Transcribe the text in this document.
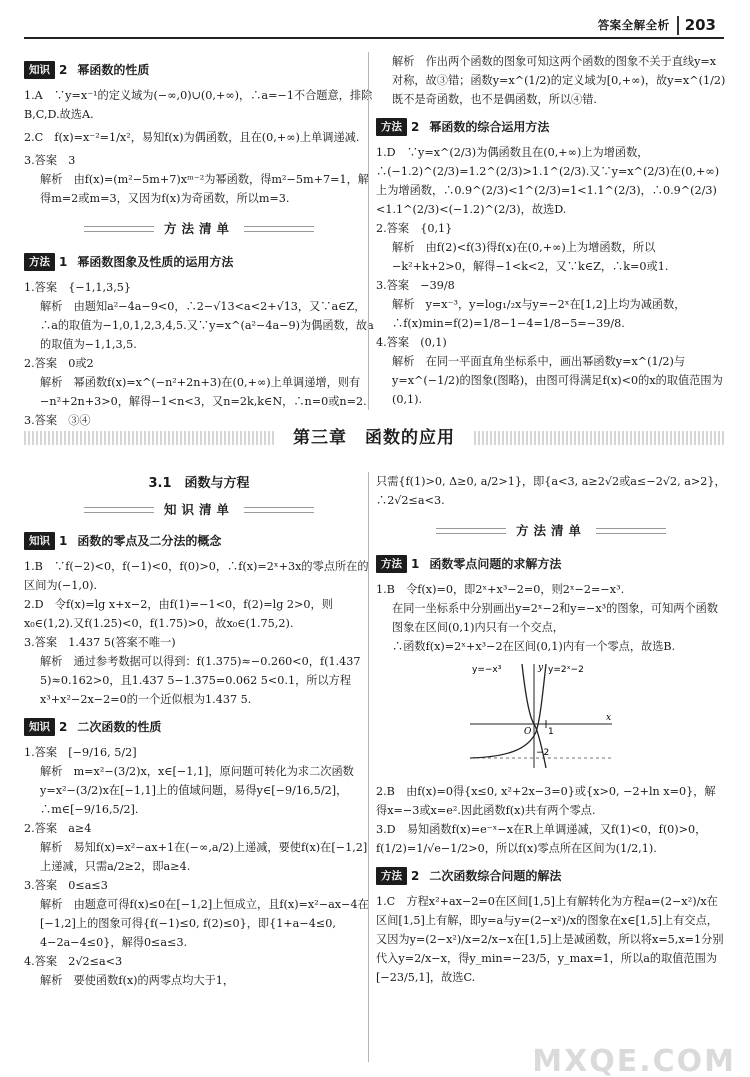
答案全解全析	203
知识 2 幂函数的性质
1.A　∵y=x⁻¹的定义域为(−∞,0)∪(0,+∞)，∴a=−1不合题意，排除B,C,D.故选A.
2.C　f(x)=x⁻²=1/x²，易知f(x)为偶函数，且在(0,+∞)上单调递减.
3.答案　3
解析　由f(x)=(m²−5m+7)xᵐ⁻²为幂函数，得m²−5m+7=1，解得m=2或m=3，又因为f(x)为奇函数，所以m=3.
方法清单
方法 1 幂函数图象及性质的运用方法
1.答案　{−1,1,3,5}
解析　由题知a²−4a−9<0，∴2−√13<a<2+√13，又∵a∈Z，∴a的取值为−1,0,1,2,3,4,5.又∵y=x^(a²−4a−9)为偶函数，故a的取值为−1,1,3,5.
2.答案　0或2
解析　幂函数f(x)=x^(−n²+2n+3)在(0,+∞)上单调递增，则有−n²+2n+3>0，解得−1<n<3，又n=2k,k∈N，∴n=0或n=2.
3.答案　③④
解析　作出两个函数的图象可知这两个函数的图象不关于直线y=x对称，故③错；函数y=x^(1/2)的定义域为[0,+∞)，故y=x^(1/2)既不是奇函数，也不是偶函数，所以④错.
方法 2 幂函数的综合运用方法
1.D　∵y=x^(2/3)为偶函数且在(0,+∞)上为增函数，∴(−1.2)^(2/3)=1.2^(2/3)>1.1^(2/3).又∵y=x^(2/3)在(0,+∞)上为增函数，∴0.9^(2/3)<1^(2/3)=1<1.1^(2/3)，∴0.9^(2/3)<1.1^(2/3)<(−1.2)^(2/3)，故选D.
2.答案　{0,1}
解析　由f(2)<f(3)得f(x)在(0,+∞)上为增函数，所以−k²+k+2>0，解得−1<k<2，又∵k∈Z，∴k=0或1.
3.答案　−39/8
解析　y=x⁻³，y=log₁/₂x与y=−2ˣ在[1,2]上均为减函数，∴f(x)min=f(2)=1/8−1−4=1/8−5=−39/8.
4.答案　(0,1)
解析　在同一平面直角坐标系中，画出幂函数y=x^(1/2)与y=x^(−1/2)的图象(图略)，由图可得满足f(x)<0的x的取值范围为(0,1).
第三章　函数的应用
3.1　函数与方程
知识清单
知识 1 函数的零点及二分法的概念
1.B　∵f(−2)<0，f(−1)<0，f(0)>0，∴f(x)=2ˣ+3x的零点所在的区间为(−1,0).
2.D　令f(x)=lg x+x−2，由f(1)=−1<0，f(2)=lg 2>0，则x₀∈(1,2).又f(1.25)<0，f(1.75)>0，故x₀∈(1.75,2).
3.答案　1.437 5(答案不唯一)
解析　通过参考数据可以得到：f(1.375)≈−0.260<0，f(1.437 5)≈0.162>0，且1.437 5−1.375=0.062 5<0.1，所以方程x³+x²−2x−2=0的一个近似根为1.437 5.
知识 2 二次函数的性质
1.答案　[−9/16, 5/2]
解析　m=x²−(3/2)x，x∈[−1,1]，原问题可转化为求二次函数y=x²−(3/2)x在[−1,1]上的值域问题，易得y∈[−9/16,5/2]，∴m∈[−9/16,5/2].
2.答案　a≥4
解析　易知f(x)=x²−ax+1在(−∞,a/2)上递减，要使f(x)在[−1,2]上递减，只需a/2≥2，即a≥4.
3.答案　0≤a≤3
解析　由题意可得f(x)≤0在[−1,2]上恒成立，且f(x)=x²−ax−4在[−1,2]上的图象可得{f(−1)≤0, f(2)≤0}，即{1+a−4≤0, 4−2a−4≤0}，解得0≤a≤3.
4.答案　2√2≤a<3
解析　要使函数f(x)的两零点均大于1，
只需{f(1)>0, Δ≥0, a/2>1}，即{a<3, a≥2√2或a≤−2√2, a>2}，∴2√2≤a<3.
方法清单
方法 1 函数零点问题的求解方法
1.B　令f(x)=0，即2ˣ+x³−2=0，则2ˣ−2=−x³.
在同一坐标系中分别画出y=2ˣ−2和y=−x³的图象，可知两个函数图象在区间(0,1)内只有一个交点，
∴函数f(x)=2ˣ+x³−2在区间(0,1)内有一个零点，故选B.
y=−x³	y=2ˣ−2
x
y
O 1
−2
2.B　由f(x)=0得{x≤0, x²+2x−3=0}或{x>0, −2+ln x=0}，解得x=−3或x=e².因此函数f(x)共有两个零点.
3.D　易知函数f(x)=e⁻ˣ−x在R上单调递减，又f(1)<0，f(0)>0，f(1/2)=1/√e−1/2>0，所以f(x)零点所在区间为(1/2,1).
方法 2 二次函数综合问题的解法
1.C　方程x²+ax−2=0在区间[1,5]上有解转化为方程a=(2−x²)/x在区间[1,5]上有解，即y=a与y=(2−x²)/x的图象在x∈[1,5]上有交点，又因为y=(2−x²)/x=2/x−x在[1,5]上是减函数，所以将x=5,x=1分别代入y=2/x−x，得y_min=−23/5，y_max=1，所以a的取值范围为[−23/5,1]，故选C.
MXQE.COM
